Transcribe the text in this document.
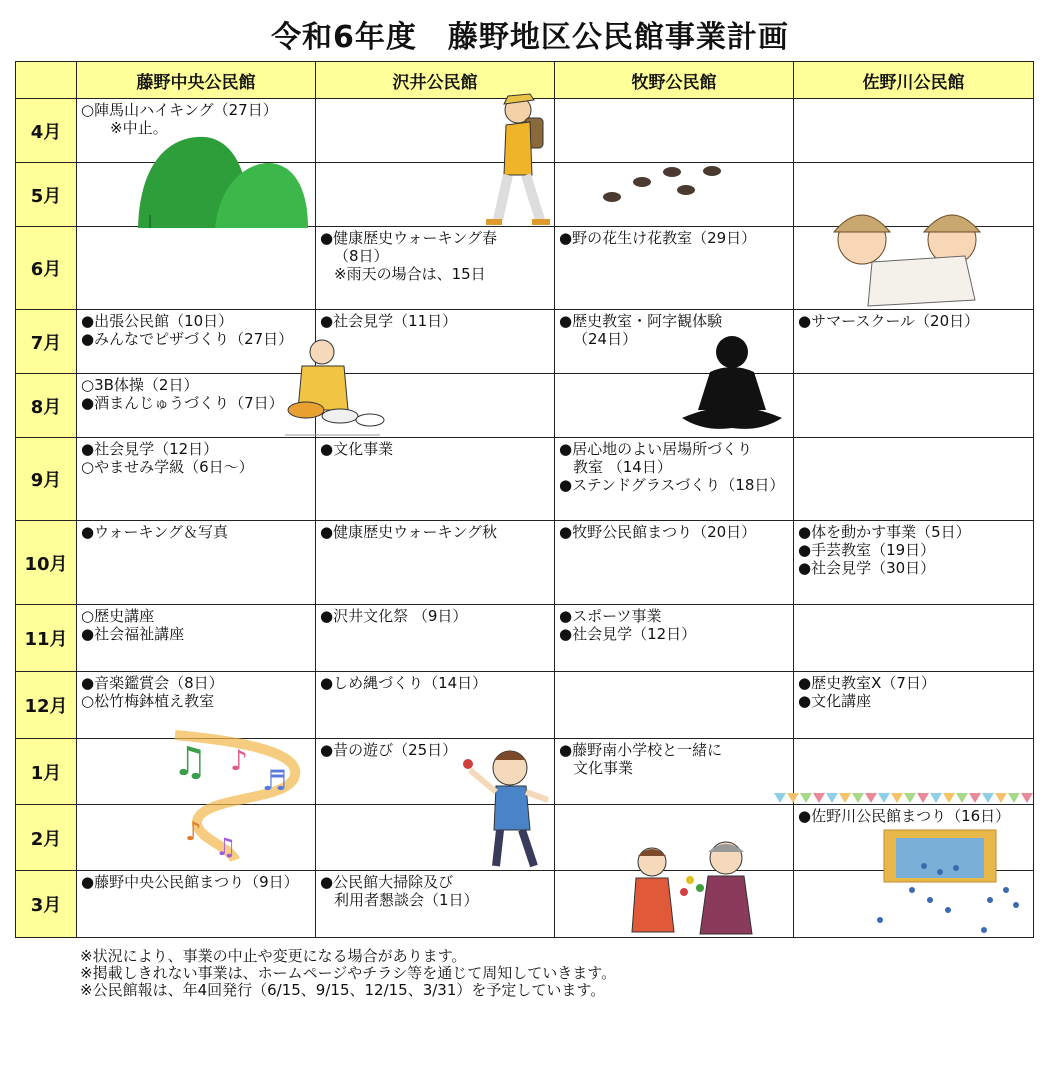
令和6年度　藤野地区公民館事業計画
	藤野中央公民館	沢井公民館	牧野公民館	佐野川公民館
4月	○陣馬山ハイキング（27日）
　※中止。			

5月	

6月		●健康歴史ウォーキング春
（8日）
※雨天の場合は、15日	●野の花生け花教室（29日）	

7月	●出張公民館（10日）
●みんなでピザづくり（27日）	●社会見学（11日）	●歴史教室・阿字観体験
（24日）	●サマースクール（20日）

8月	○3B体操（2日）
●酒まんじゅうづくり（7日）			

9月	●社会見学（12日）
○やませみ学級（6日～）	●文化事業	●居心地のよい居場所づくり
教室 （14日）
●ステンドグラスづくり（18日）	

10月	●ウォーキング＆写真	●健康歴史ウォーキング秋	●牧野公民館まつり（20日）	●体を動かす事業（5日）
●手芸教室（19日）
●社会見学（30日）

11月	○歴史講座
●社会福祉講座	●沢井文化祭 （9日）	●スポーツ事業
●社会見学（12日）	

12月	●音楽鑑賞会（8日）
○松竹梅鉢植え教室	●しめ縄づくり（14日）		●歴史教室Ⅹ（7日）
●文化講座

1月		●昔の遊び（25日）	●藤野南小学校と一緒に
文化事業	

2月				●佐野川公民館まつり（16日）

3月	●藤野中央公民館まつり（9日）	●公民館大掃除及び
利用者懇談会（1日）		

♫ ♪
♬
♪ ♫
※状況により、事業の中止や変更になる場合があります。
※掲載しきれない事業は、ホームページやチラシ等を通じて周知していきます。
※公民館報は、年4回発行（6/15、9/15、12/15、3/31）を予定しています。
